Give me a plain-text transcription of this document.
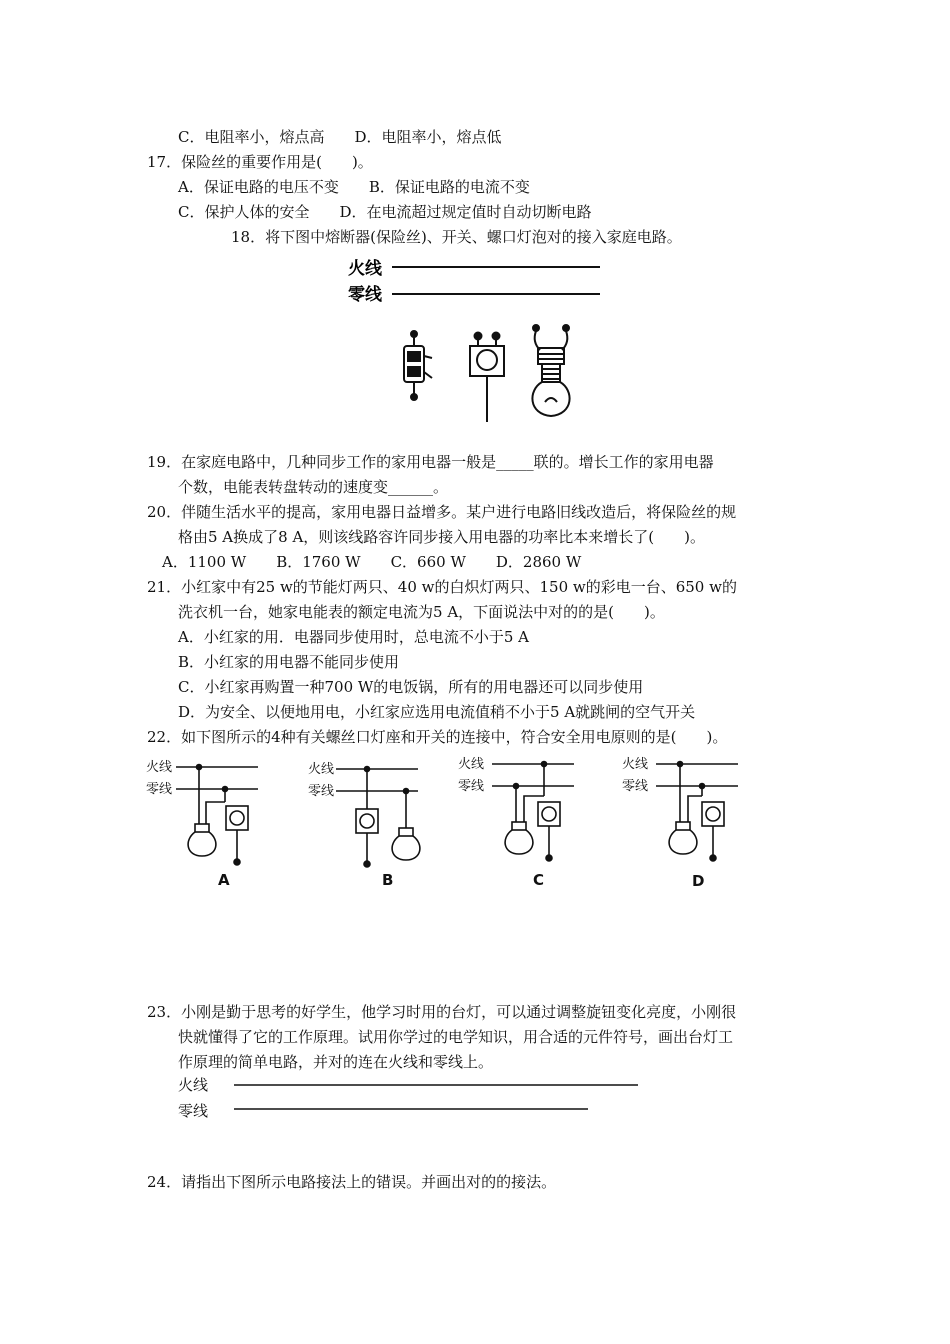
C．电阻率小，熔点高　　D．电阻率小，熔点低
17．保险丝的重要作用是(　　)。
A．保证电路的电压不变　　B．保证电路的电流不变
C．保护人体的安全　　D．在电流超过规定值时自动切断电路
18．将下图中熔断器(保险丝)、开关、螺口灯泡对的接入家庭电路。
火线
零线
19．在家庭电路中，几种同步工作的家用电器一般是_____联的。增长工作的家用电器
个数，电能表转盘转动的速度变______。
20．伴随生活水平的提高，家用电器日益增多。某户进行电路旧线改造后，将保险丝的规
格由5 A换成了8 A，则该线路容许同步接入用电器的功率比本来增长了(　　)。
A．1100 W　　B．1760 W　　C．660 W　　D．2860 W
21．小红家中有25 w的节能灯两只、40 w的白炽灯两只、150 w的彩电一台、650 w的
洗衣机一台，她家电能表的额定电流为5 A，下面说法中对的的是(　　)。
A．小红家的用．电器同步使用时，总电流不小于5 A
B．小红家的用电器不能同步使用
C．小红家再购置一种700 W的电饭锅，所有的用电器还可以同步使用
D．为安全、以便地用电，小红家应选用电流值稍不小于5 A就跳闸的空气开关
22．如下图所示的4种有关螺丝口灯座和开关的连接中，符合安全用电原则的是(　　)。
火线
零线
A
火线
零线
B
火线
零线
C
火线
零线
D
23．小刚是勤于思考的好学生，他学习时用的台灯，可以通过调整旋钮变化亮度，小刚很
快就懂得了它的工作原理。试用你学过的电学知识，用合适的元件符号，画出台灯工
作原理的简单电路，并对的连在火线和零线上。
火线
零线
24．请指出下图所示电路接法上的错误。并画出对的的接法。
